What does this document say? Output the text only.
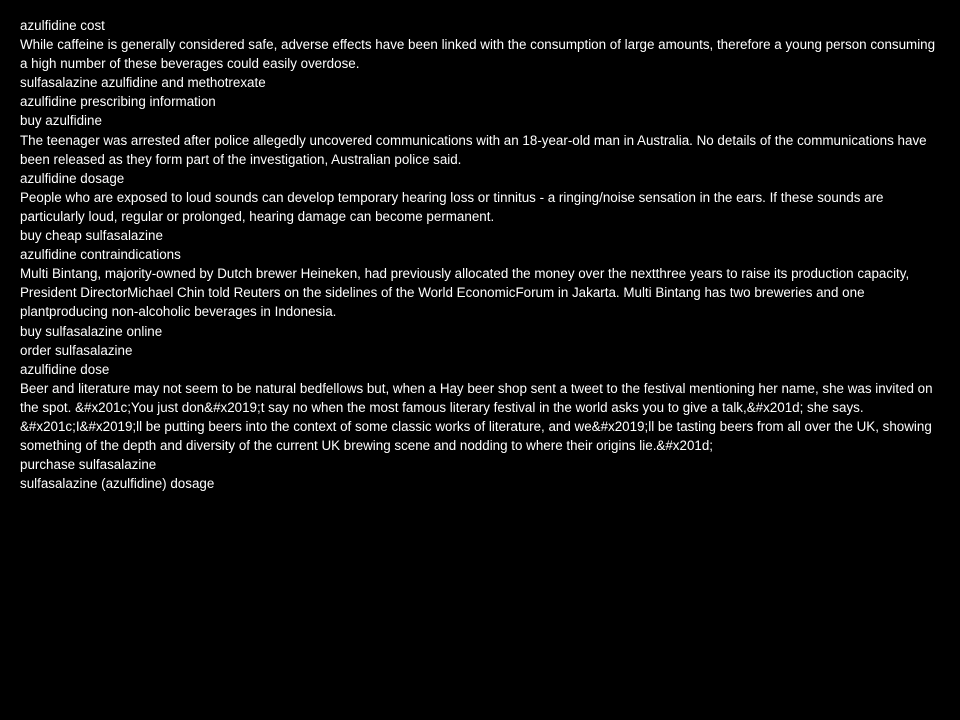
azulfidine cost

While caffeine is generally considered safe, adverse effects have been linked with the consumption of large amounts, therefore a young person consuming a high number of these beverages could easily overdose.

sulfasalazine azulfidine and methotrexate

azulfidine prescribing information

buy azulfidine

The teenager was arrested after police allegedly uncovered communications with an 18-year-old man in Australia. No details of the communications have been released as they form part of the investigation, Australian police said.

azulfidine dosage

People who are exposed to loud sounds can develop temporary hearing loss or tinnitus - a ringing/noise sensation in the ears. If these sounds are particularly loud, regular or prolonged, hearing damage can become permanent.

buy cheap sulfasalazine

azulfidine contraindications

Multi Bintang, majority-owned by Dutch brewer Heineken, had previously allocated the money over the nextthree years to raise its production capacity, President DirectorMichael Chin told Reuters on the sidelines of the World EconomicForum in Jakarta. Multi Bintang has two breweries and one plantproducing non-alcoholic beverages in Indonesia.

buy sulfasalazine online

order sulfasalazine

azulfidine dose

Beer and literature may not seem to be natural bedfellows but, when a Hay beer shop sent a tweet to the festival mentioning her name, she was invited on the spot. &#x201c;You just don&#x2019;t say no when the most famous literary festival in the world asks you to give a talk,&#x201d; she says. &#x201c;I&#x2019;ll be putting beers into the context of some classic works of literature, and we&#x2019;ll be tasting beers from all over the UK, showing something of the depth and diversity of the current UK brewing scene and nodding to where their origins lie.&#x201d;

purchase sulfasalazine

sulfasalazine (azulfidine) dosage
